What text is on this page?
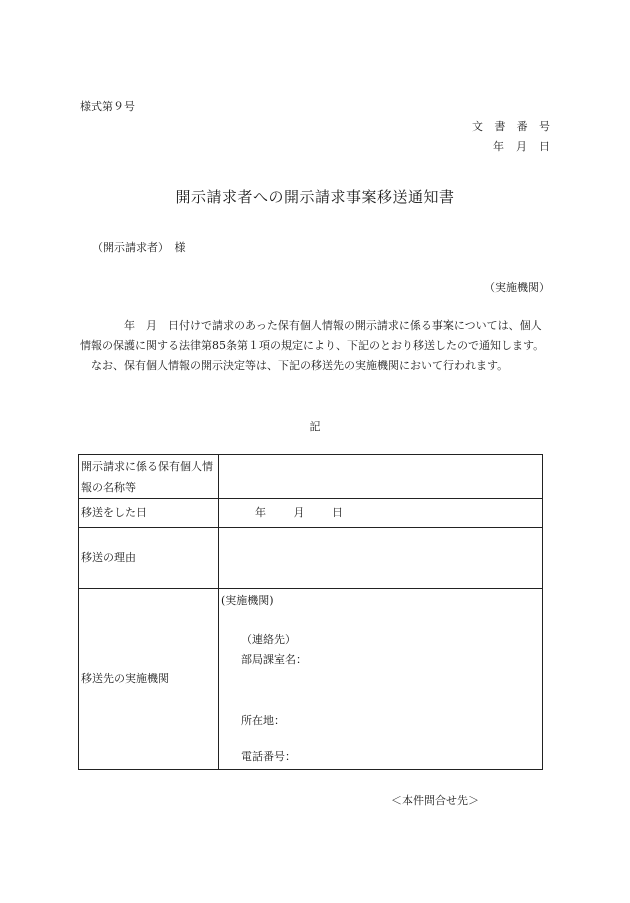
様式第９号
文 書 番 号
年 月 日
開示請求者への開示請求事案移送通知書
（開示請求者）　様
（実施機関）

年　月　日付けで請求のあった保有個人情報の開示請求に係る事案については、個人情報の保護に関する法律第85条第１項の規定により、下記のとおり移送したので通知します。

なお、保有個人情報の開示決定等は、下記の移送先の実施機関において行われます。

記
開示請求に係る保有個人情報の名称等	
移送をした日	年 月 日
移送の理由	
移送先の実施機関	(実施機関)
（連絡先）
部局課室名：
所在地：
電話番号：
＜本件問合せ先＞
